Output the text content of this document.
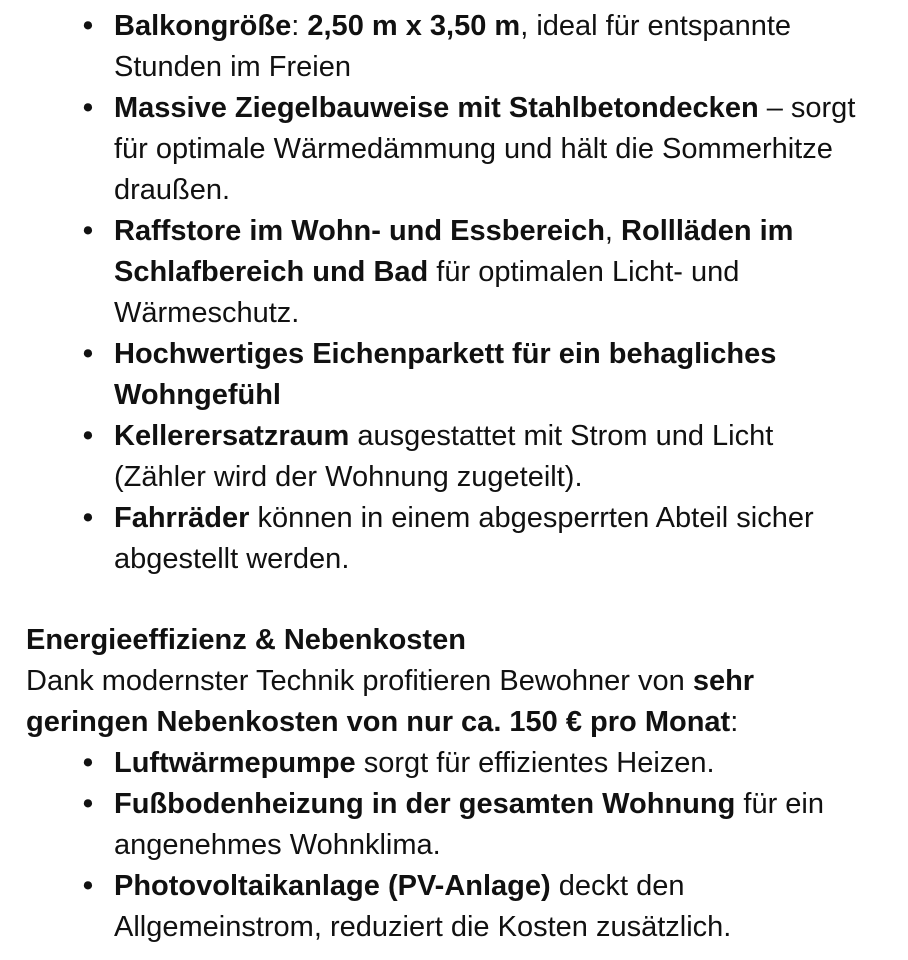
• Balkongröße: 2,50 m x 3,50 m, ideal für entspannte Stunden im Freien
• Massive Ziegelbauweise mit Stahlbetondecken – sorgt für optimale Wärmedämmung und hält die Sommerhitze draußen.
• Raffstore im Wohn- und Essbereich, Rollläden im Schlafbereich und Bad für optimalen Licht- und Wärmeschutz.
• Hochwertiges Eichenparkett für ein behagliches Wohngefühl
• Kellerersatzraum ausgestattet mit Strom und Licht (Zähler wird der Wohnung zugeteilt).
• Fahrräder können in einem abgesperrten Abteil sicher abgestellt werden.

Energieeffizienz & Nebenkosten

Dank modernster Technik profitieren Bewohner von sehr geringen Nebenkosten von nur ca. 150 € pro Monat:

• Luftwärmepumpe sorgt für effizientes Heizen.
• Fußbodenheizung in der gesamten Wohnung für ein angenehmes Wohnklima.
• Photovoltaikanlage (PV-Anlage) deckt den Allgemeinstrom, reduziert die Kosten zusätzlich.
